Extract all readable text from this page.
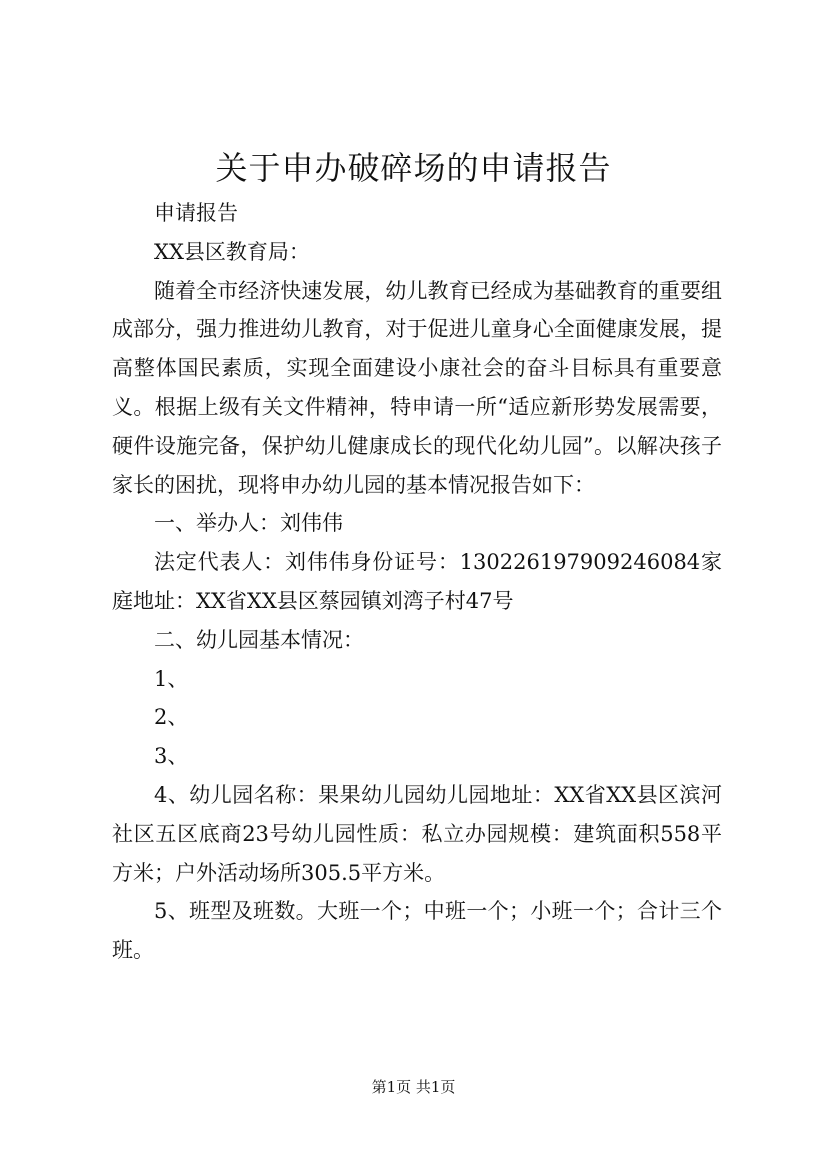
关于申办破碎场的申请报告

申请报告

XX县区教育局：

随着全市经济快速发展，幼儿教育已经成为基础教育的重要组成部分，强力推进幼儿教育，对于促进儿童身心全面健康发展，提高整体国民素质，实现全面建设小康社会的奋斗目标具有重要意义。根据上级有关文件精神，特申请一所“适应新形势发展需要，硬件设施完备，保护幼儿健康成长的现代化幼儿园”。以解决孩子家长的困扰，现将申办幼儿园的基本情况报告如下：

一、举办人：刘伟伟

法定代表人：刘伟伟身份证号：130226197909246084家庭地址：XX省XX县区蔡园镇刘湾子村47号

二、幼儿园基本情况：

1、

2、

3、

4、幼儿园名称：果果幼儿园幼儿园地址：XX省XX县区滨河社区五区底商23号幼儿园性质：私立办园规模：建筑面积558平方米；户外活动场所305.5平方米。

5、班型及班数。大班一个；中班一个；小班一个；合计三个班。

第1页 共1页
